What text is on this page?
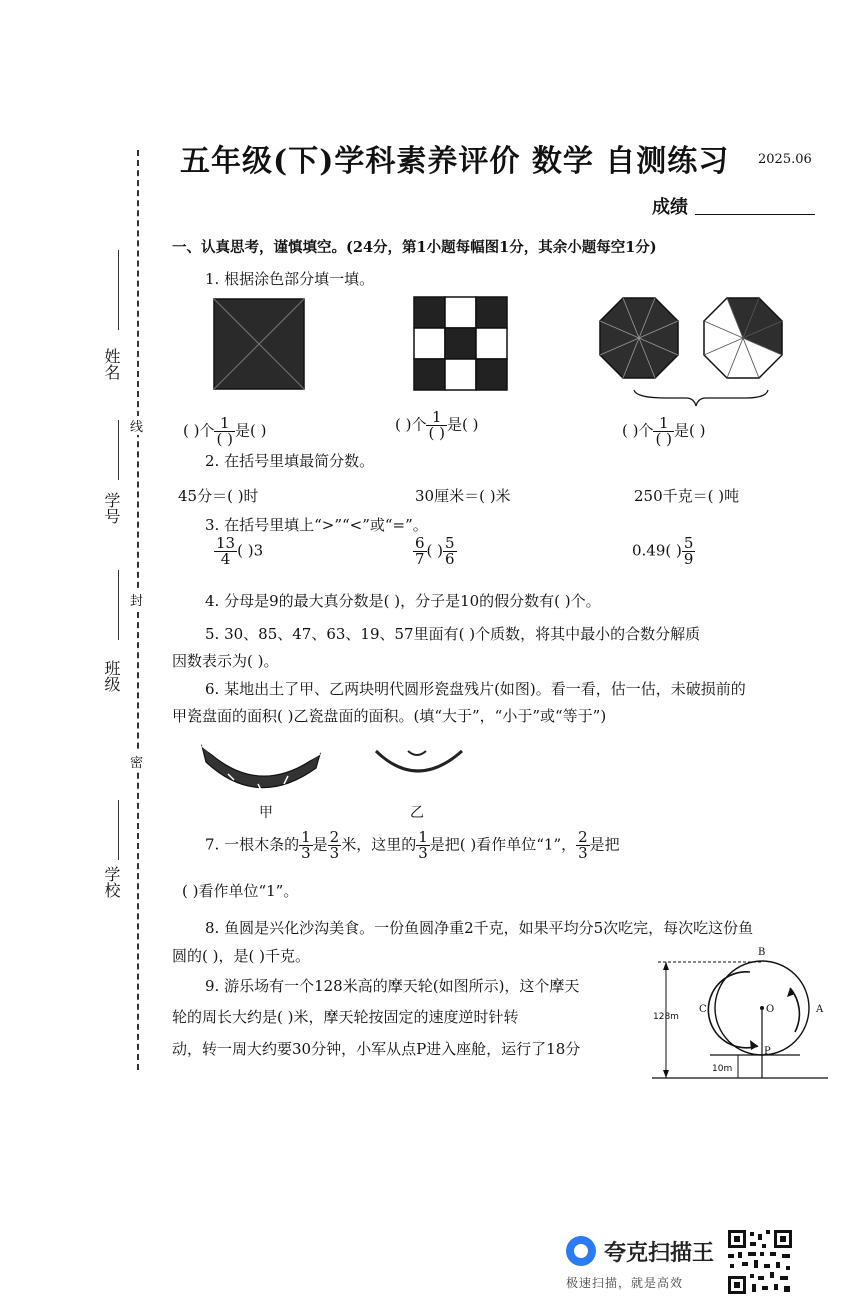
姓名
学号
班级
学校
线
封
密
五年级(下)学科素养评价 数学 自测练习 2025.06
成绩
一、认真思考，谨慎填空。(24分，第1小题每幅图1分，其余小题每空1分)
1. 根据涂色部分填一填。
( )个 $\frac{1}{( )}$ 是( )	( )个 $\frac{1}{( )}$ 是( )	( )个 $\frac{1}{( )}$ 是( )
2. 在括号里填最简分数。
45分＝( )时	30厘米＝( )米	250千克＝( )吨
3. 在括号里填上“>”“<”或“=”。
$\frac{13}{4}$ ( )3	$\frac{6}{7}$ ( ) $\frac{5}{6}$	0.49( ) $\frac{5}{9}$
4. 分母是9的最大真分数是( )，分子是10的假分数有( )个。
5. 30、85、47、63、19、57里面有( )个质数，将其中最小的合数分解质
因数表示为( )。
6. 某地出土了甲、乙两块明代圆形瓷盘残片(如图)。看一看，估一估，未破损前的
甲瓷盘面的面积( )乙瓷盘面的面积。(填“大于”，“小于”或“等于”)
甲	乙
7. 一根木条的 $\frac{1}{3}$ 是 $\frac{2}{3}$ 米，这里的 $\frac{1}{3}$ 是把( )看作单位“1”， $\frac{2}{3}$ 是把
( )看作单位“1”。
8. 鱼圆是兴化沙沟美食。一份鱼圆净重2千克，如果平均分5次吃完，每次吃这份鱼
圆的( )，是( )千克。
9. 游乐场有一个128米高的摩天轮(如图所示)，这个摩天
轮的周长大约是( )米，摩天轮按固定的速度逆时针转
动，转一周大约要30分钟，小军从点P进入座舱，运行了18分
128m
10m
A
B
C	O
P
夸克扫描王
极速扫描，就是高效
